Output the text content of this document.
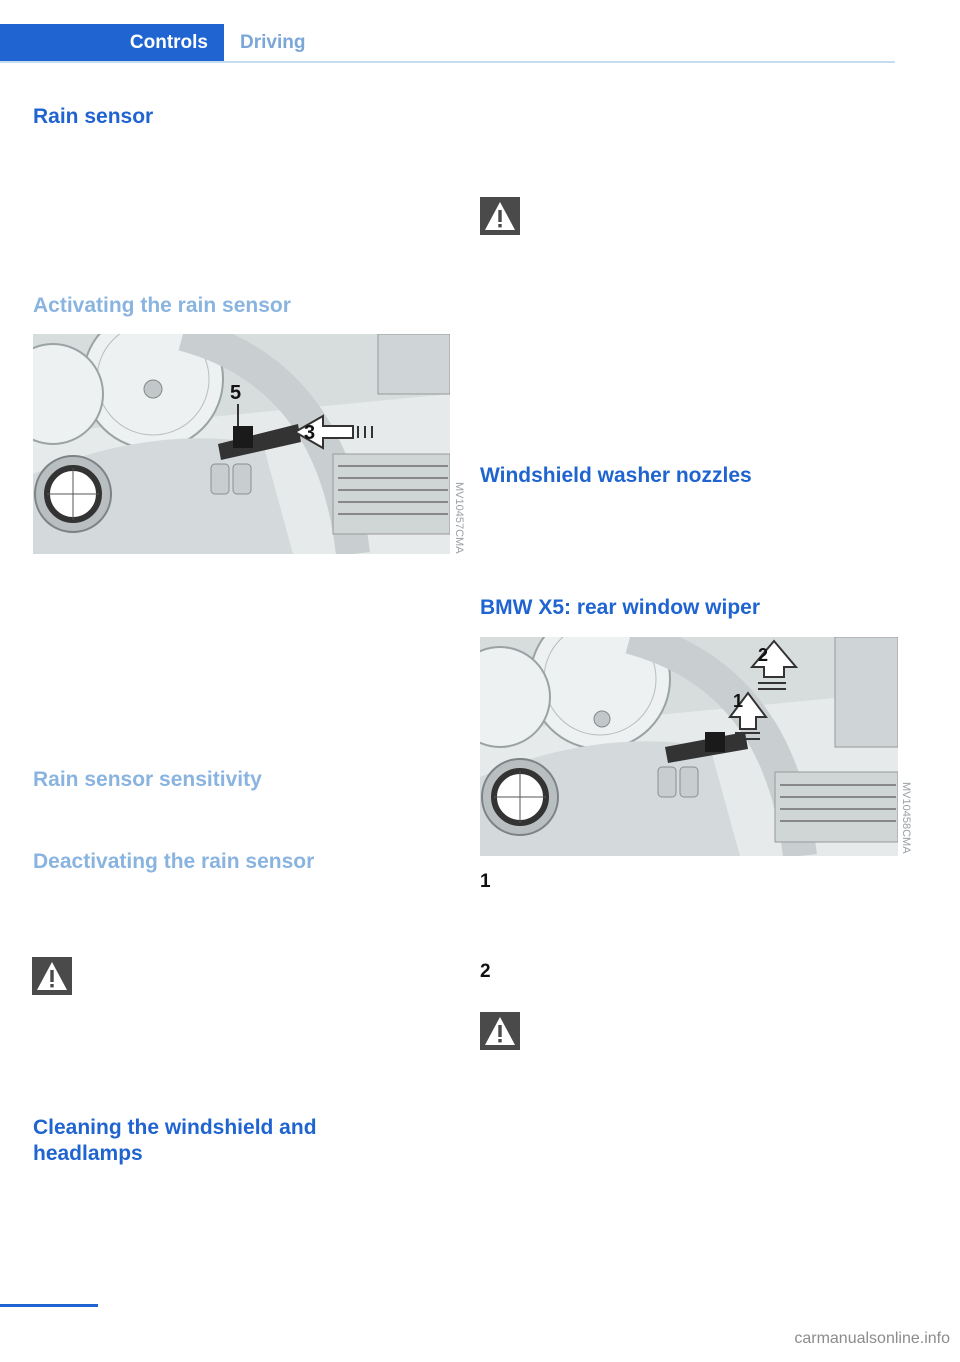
Controls	Driving
Rain sensor
Activating the rain sensor
5
3
MV10457CMA
Rain sensor sensitivity
Deactivating the rain sensor
Cleaning the windshield and headlamps
Windshield washer nozzles
BMW X5: rear window wiper
1
2
MV10458CMA
1
2
carmanualsonline.info
